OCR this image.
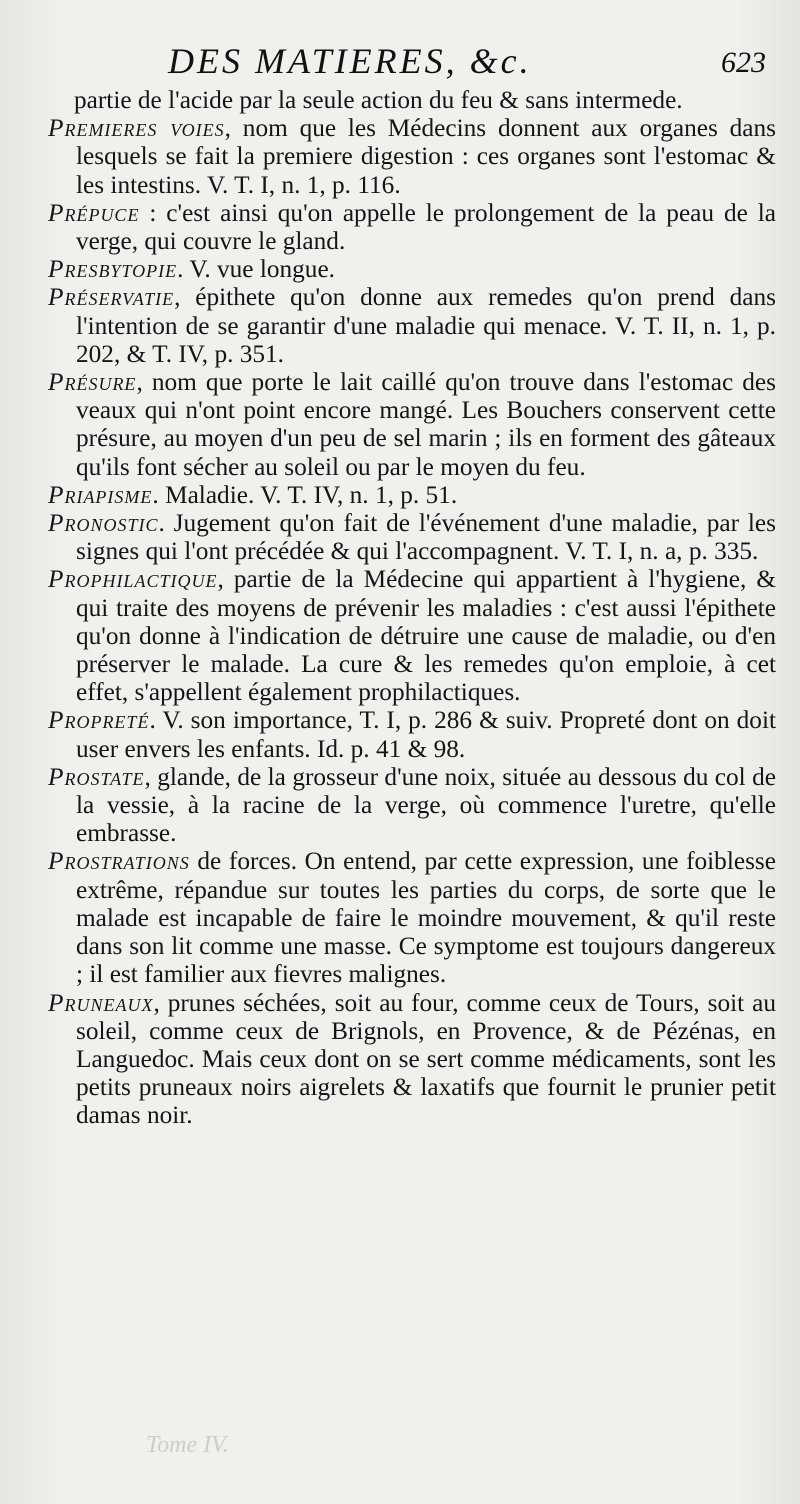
DES MATIERES, &c.	623

partie de l'acide par la seule action du feu & sans intermede.

Premieres voies, nom que les Médecins donnent aux organes dans lesquels se fait la premiere digestion : ces organes sont l'estomac & les intestins. V. T. I, n. 1, p. 116.

Prépuce : c'est ainsi qu'on appelle le prolongement de la peau de la verge, qui couvre le gland.

Presbytopie. V. vue longue.

Préservatie, épithete qu'on donne aux remedes qu'on prend dans l'intention de se garantir d'une maladie qui menace. V. T. II, n. 1, p. 202, & T. IV, p. 351.

Présure, nom que porte le lait caillé qu'on trouve dans l'estomac des veaux qui n'ont point encore mangé. Les Bouchers conservent cette présure, au moyen d'un peu de sel marin ; ils en forment des gâteaux qu'ils font sécher au soleil ou par le moyen du feu.

Priapisme. Maladie. V. T. IV, n. 1, p. 51.

Pronostic. Jugement qu'on fait de l'événement d'une maladie, par les signes qui l'ont précédée & qui l'accompagnent. V. T. I, n. a, p. 335.

Prophilactique, partie de la Médecine qui appartient à l'hygiene, & qui traite des moyens de prévenir les maladies : c'est aussi l'épithete qu'on donne à l'indication de détruire une cause de maladie, ou d'en préserver le malade. La cure & les remedes qu'on emploie, à cet effet, s'appellent également prophilactiques.

Propreté. V. son importance, T. I, p. 286 & suiv. Propreté dont on doit user envers les enfants. Id. p. 41 & 98.

Prostate, glande, de la grosseur d'une noix, située au dessous du col de la vessie, à la racine de la verge, où commence l'uretre, qu'elle embrasse.

Prostrations de forces. On entend, par cette expression, une foiblesse extrême, répandue sur toutes les parties du corps, de sorte que le malade est incapable de faire le moindre mouvement, & qu'il reste dans son lit comme une masse. Ce symptome est toujours dangereux ; il est familier aux fievres malignes.

Pruneaux, prunes séchées, soit au four, comme ceux de Tours, soit au soleil, comme ceux de Brignols, en Provence, & de Pézénas, en Languedoc. Mais ceux dont on se sert comme médicaments, sont les petits pruneaux noirs aigrelets & laxatifs que fournit le prunier petit damas noir.

Tome IV.
